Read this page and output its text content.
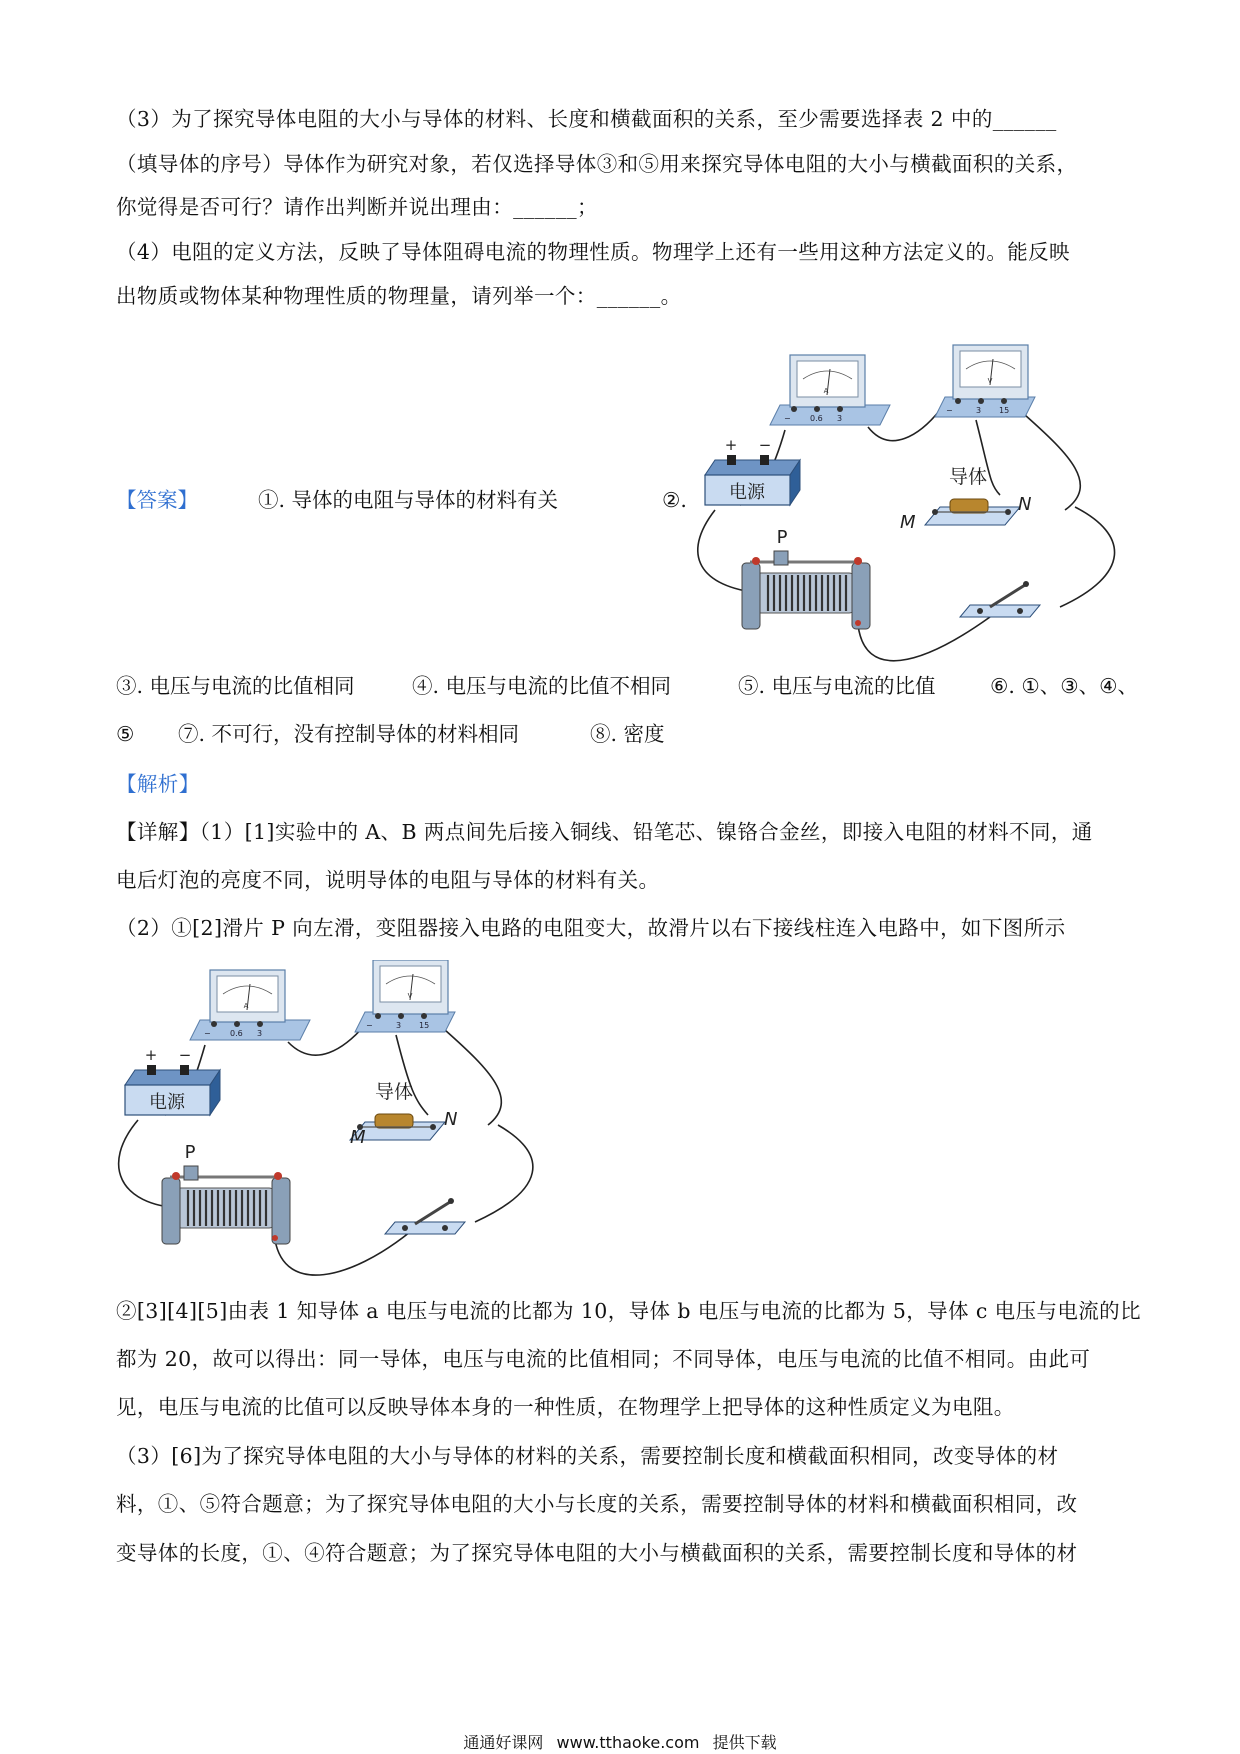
（3）为了探究导体电阻的大小与导体的材料、长度和横截面积的关系，至少需要选择表 2 中的______
（填导体的序号）导体作为研究对象，若仅选择导体③和⑤用来探究导体电阻的大小与横截面积的关系，
你觉得是否可行？请作出判断并说出理由：______；
（4）电阻的定义方法，反映了导体阻碍电流的物理性质。物理学上还有一些用这种方法定义的。能反映
出物质或物体某种物理性质的物理量，请列举一个：______。
【答案】	①. 导体的电阻与导体的材料有关	②.
A
− 0.6 3
V
−	3 15
+ −
电源
导体
M
N
P
③. 电压与电流的比值相同	④. 电压与电流的比值不相同	⑤. 电压与电流的比值	⑥. ①、③、④、
⑤ ⑦. 不可行，没有控制导体的材料相同	⑧. 密度
【解析】
【详解】（1）[1]实验中的 A、B 两点间先后接入铜线、铅笔芯、镍铬合金丝，即接入电阻的材料不同，通
电后灯泡的亮度不同，说明导体的电阻与导体的材料有关。
（2）①[2]滑片 P 向左滑，变阻器接入电路的电阻变大，故滑片以右下接线柱连入电路中，如下图所示
A
− 0.6 3
V
−	3 15
+ −
电源	导体
M
N
P
②[3][4][5]由表 1 知导体 a 电压与电流的比都为 10，导体 b 电压与电流的比都为 5，导体 c 电压与电流的比
都为 20，故可以得出：同一导体，电压与电流的比值相同；不同导体，电压与电流的比值不相同。由此可
见，电压与电流的比值可以反映导体本身的一种性质，在物理学上把导体的这种性质定义为电阻。
（3）[6]为了探究导体电阻的大小与导体的材料的关系，需要控制长度和横截面积相同，改变导体的材
料，①、⑤符合题意；为了探究导体电阻的大小与长度的关系，需要控制导体的材料和横截面积相同，改
变导体的长度，①、④符合题意；为了探究导体电阻的大小与横截面积的关系，需要控制长度和导体的材
通通好课网 www.tthaoke.com 提供下载
